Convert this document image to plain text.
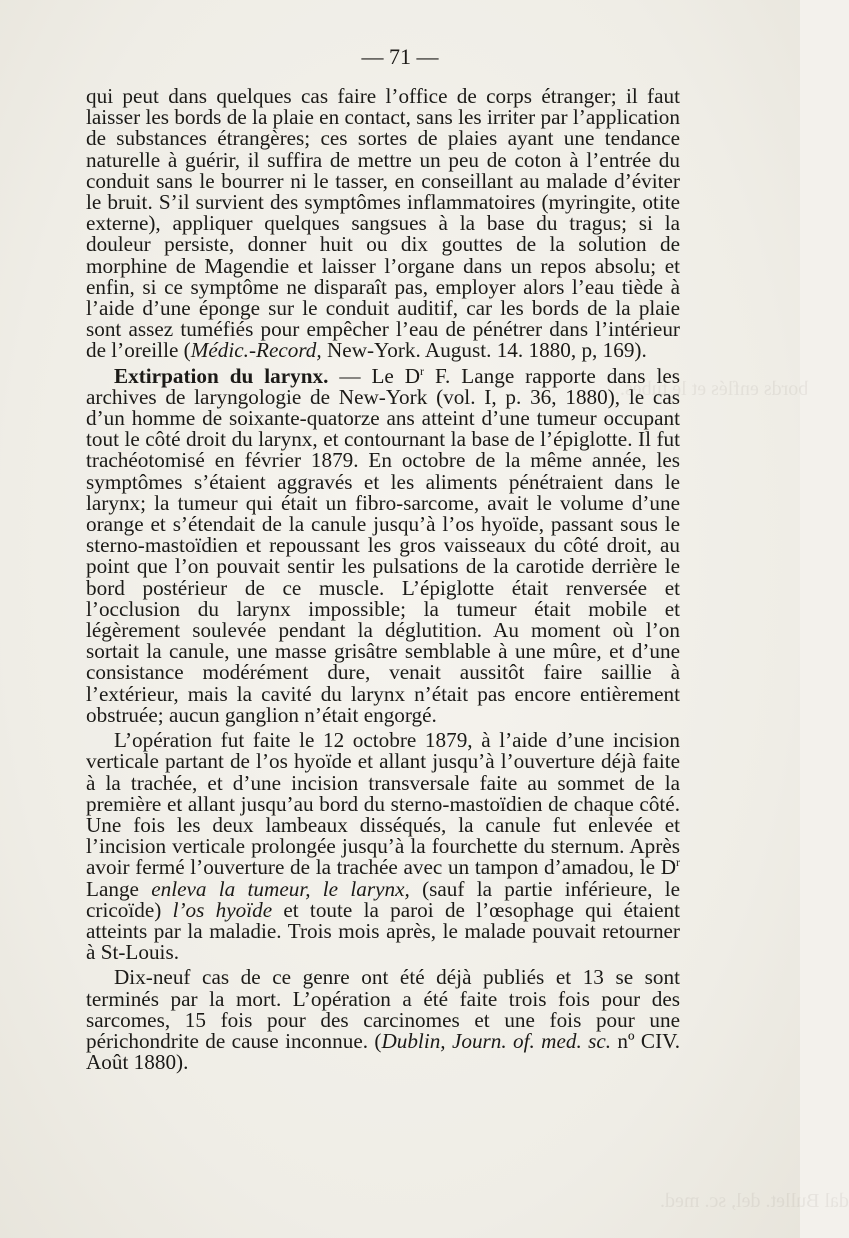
bords enflés et le tubes.
dal Bullet. del, sc. med.
— 71 —

qui peut dans quelques cas faire l’office de corps étranger; il faut laisser les bords de la plaie en contact, sans les irriter par l’application de substances étrangères; ces sortes de plaies ayant une tendance naturelle à guérir, il suffira de mettre un peu de coton à l’entrée du conduit sans le bourrer ni le tasser, en conseillant au malade d’éviter le bruit. S’il survient des symptômes inflammatoires (myringite, otite externe), appliquer quelques sangsues à la base du tragus; si la douleur persiste, donner huit ou dix gouttes de la solution de morphine de Magendie et laisser l’organe dans un repos absolu; et enfin, si ce symptôme ne disparaît pas, employer alors l’eau tiède à l’aide d’une éponge sur le conduit auditif, car les bords de la plaie sont assez tuméfiés pour empêcher l’eau de pénétrer dans l’intérieur de l’oreille (Médic.-Record, New-York. August. 14. 1880, p, 169).

Extirpation du larynx. — Le $D^r$ F. Lange rapporte dans les archives de laryngologie de New-York (vol. I, p. 36, 1880), le cas d’un homme de soixante-quatorze ans atteint d’une tumeur occupant tout le côté droit du larynx, et contournant la base de l’épiglotte. Il fut trachéotomisé en février 1879. En octobre de la même année, les symptômes s’étaient aggravés et les aliments pénétraient dans le larynx; la tumeur qui était un fibro-sarcome, avait le volume d’une orange et s’étendait de la canule jusqu’à l’os hyoïde, passant sous le sterno-mastoïdien et repoussant les gros vaisseaux du côté droit, au point que l’on pouvait sentir les pulsations de la carotide derrière le bord postérieur de ce muscle. L’épiglotte était renversée et l’occlusion du larynx impossible; la tumeur était mobile et légèrement soulevée pendant la déglutition. Au moment où l’on sortait la canule, une masse grisâtre semblable à une mûre, et d’une consistance modérément dure, venait aussitôt faire saillie à l’extérieur, mais la cavité du larynx n’était pas encore entièrement obstruée; aucun ganglion n’était engorgé.

L’opération fut faite le 12 octobre 1879, à l’aide d’une incision verticale partant de l’os hyoïde et allant jusqu’à l’ouverture déjà faite à la trachée, et d’une incision transversale faite au sommet de la première et allant jusqu’au bord du sterno-mastoïdien de chaque côté. Une fois les deux lambeaux disséqués, la canule fut enlevée et l’incision verticale prolongée jusqu’à la fourchette du sternum. Après avoir fermé l’ouverture de la trachée avec un tampon d’amadou, le $D^r$ Lange enleva la tumeur, le larynx, (sauf la partie inférieure, le cricoïde) l’os hyoïde et toute la paroi de l’œsophage qui étaient atteints par la maladie. Trois mois après, le malade pouvait retourner à St-Louis.

Dix-neuf cas de ce genre ont été déjà publiés et 13 se sont terminés par la mort. L’opération a été faite trois fois pour des sarcomes, 15 fois pour des carcinomes et une fois pour une périchondrite de cause inconnue. (Dublin, Journ. of. med. sc. nº CIV. Août 1880).
